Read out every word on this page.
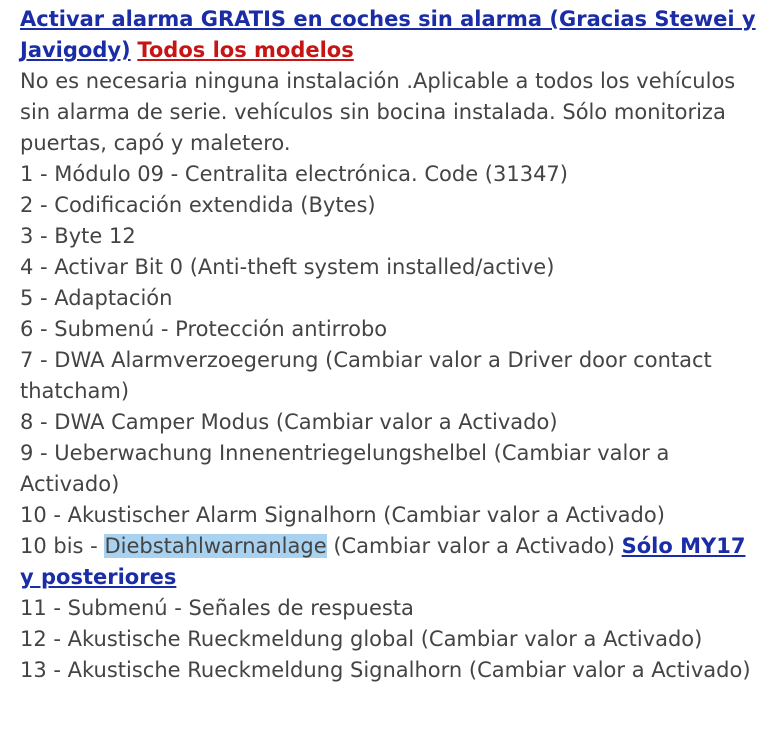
Activar alarma GRATIS en coches sin alarma (Gracias Stewei y Javigody) Todos los modelos

No es necesaria ninguna instalación .Aplicable a todos los vehículos sin alarma de serie. vehículos sin bocina instalada. Sólo monitoriza puertas, capó y maletero.

1 - Módulo 09 - Centralita electrónica. Code (31347)

2 - Codificación extendida (Bytes)

3 - Byte 12

4 - Activar Bit 0 (Anti-theft system installed/active)

5 - Adaptación

6 - Submenú - Protección antirrobo

7 - DWA Alarmverzoegerung (Cambiar valor a Driver door contact thatcham)

8 - DWA Camper Modus (Cambiar valor a Activado)

9 - Ueberwachung Innenentriegelungshelbel (Cambiar valor a Activado)

10 - Akustischer Alarm Signalhorn (Cambiar valor a Activado)

10 bis - Diebstahlwarnanlage (Cambiar valor a Activado) Sólo MY17 y posteriores

11 - Submenú - Señales de respuesta

12 - Akustische Rueckmeldung global (Cambiar valor a Activado)

13 - Akustische Rueckmeldung Signalhorn (Cambiar valor a Activado)
